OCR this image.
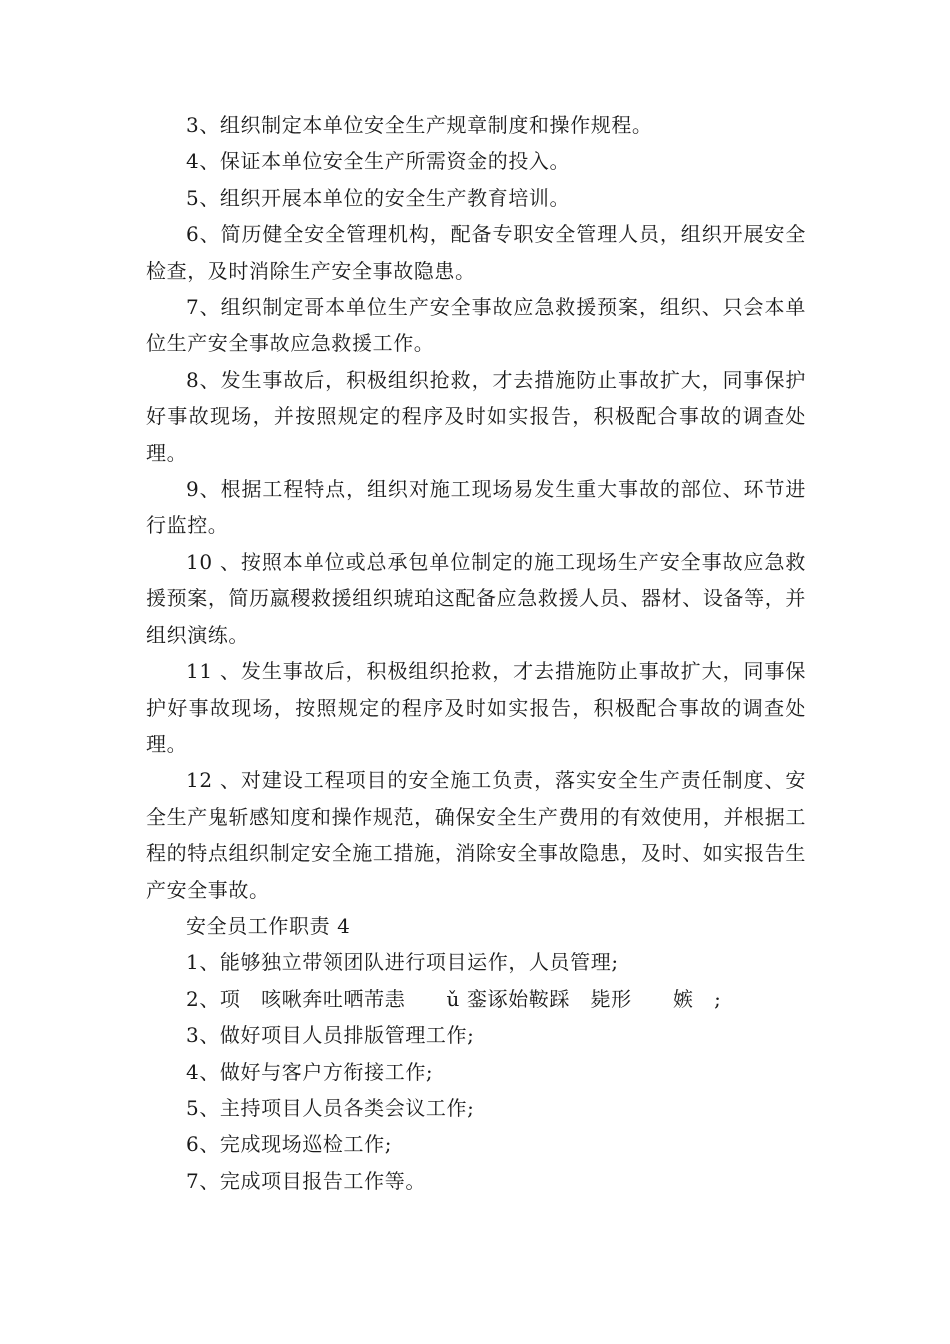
3、组织制定本单位安全生产规章制度和操作规程。

4、保证本单位安全生产所需资金的投入。

5、组织开展本单位的安全生产教育培训。

6、简历健全安全管理机构，配备专职安全管理人员，组织开展安全检查，及时消除生产安全事故隐患。

7、组织制定哥本单位生产安全事故应急救援预案，组织、只会本单位生产安全事故应急救援工作。

8、发生事故后，积极组织抢救，才去措施防止事故扩大，同事保护好事故现场，并按照规定的程序及时如实报告，积极配合事故的调查处理。

9、根据工程特点，组织对施工现场易发生重大事故的部位、环节进行监控。

10 、按照本单位或总承包单位制定的施工现场生产安全事故应急救援预案，简历嬴稷救援组织琥珀这配备应急救援人员、器材、设备等，并组织演练。

11 、发生事故后，积极组织抢救，才去措施防止事故扩大，同事保护好事故现场，按照规定的程序及时如实报告，积极配合事故的调查处理。

12 、对建设工程项目的安全施工负责，落实安全生产责任制度、安全生产鬼斩感知度和操作规范，确保安全生产费用的有效使用，并根据工程的特点组织制定安全施工措施，消除安全事故隐患，及时、如实报告生产安全事故。

安全员工作职责 4

1、能够独立带领团队进行项目运作，人员管理;

2、项　咳啾奔吐哂芾恚　　ǔ 銮诼始鞍踩　毙形　　嫉　;

3、做好项目人员排版管理工作;

4、做好与客户方衔接工作;

5、主持项目人员各类会议工作;

6、完成现场巡检工作;

7、完成项目报告工作等。
